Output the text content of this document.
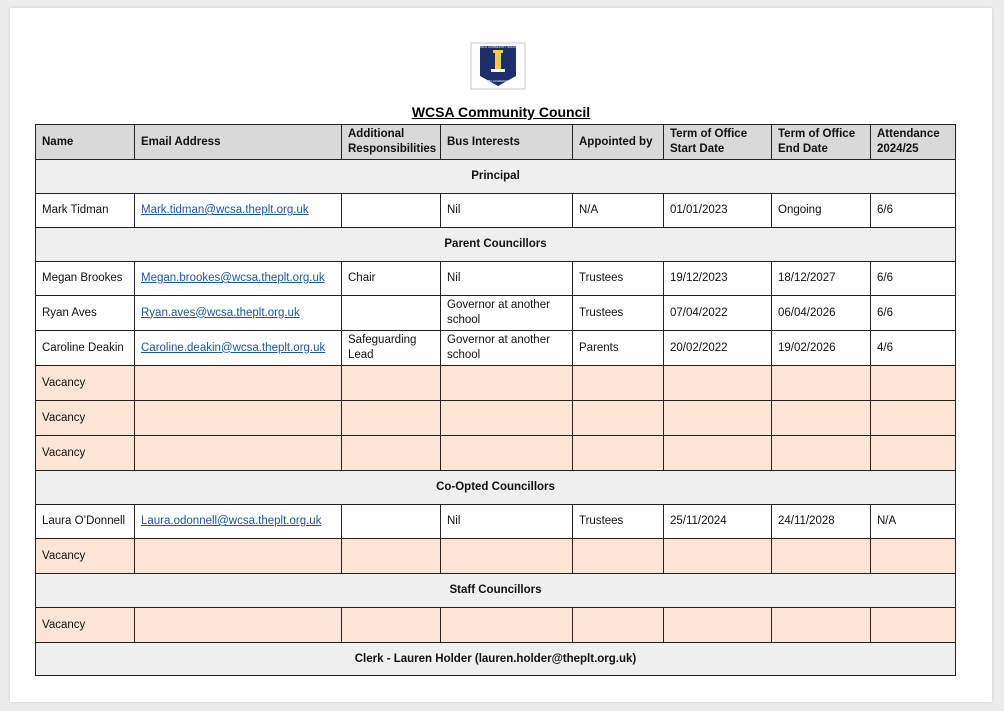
WORLD COMMUNITY SCHOOL
BY ACADEMY
WCSA Community Council
Name	Email Address	Additional Responsibilities	Bus Interests	Appointed by	Term of Office Start Date	Term of Office End Date	Attendance 2024/25
Principal							
Mark Tidman	Mark.tidman@wcsa.theplt.org.uk		Nil	N/A	01/01/2023	Ongoing	6/6
Parent Councillors							
Megan Brookes	Megan.brookes@wcsa.theplt.org.uk	Chair	Nil	Trustees	19/12/2023	18/12/2027	6/6
Ryan Aves	Ryan.aves@wcsa.theplt.org.uk		Governor at another school	Trustees	07/04/2022	06/04/2026	6/6
Caroline Deakin	Caroline.deakin@wcsa.theplt.org.uk	Safeguarding Lead	Governor at another school	Parents	20/02/2022	19/02/2026	4/6
Vacancy							
Vacancy							
Vacancy							
Co-Opted Councillors							
Laura O’Donnell	Laura.odonnell@wcsa.theplt.org.uk		Nil	Trustees	25/11/2024	24/11/2028	N/A
Vacancy							
Staff Councillors							
Vacancy							
Clerk - Lauren Holder (lauren.holder@theplt.org.uk)							
